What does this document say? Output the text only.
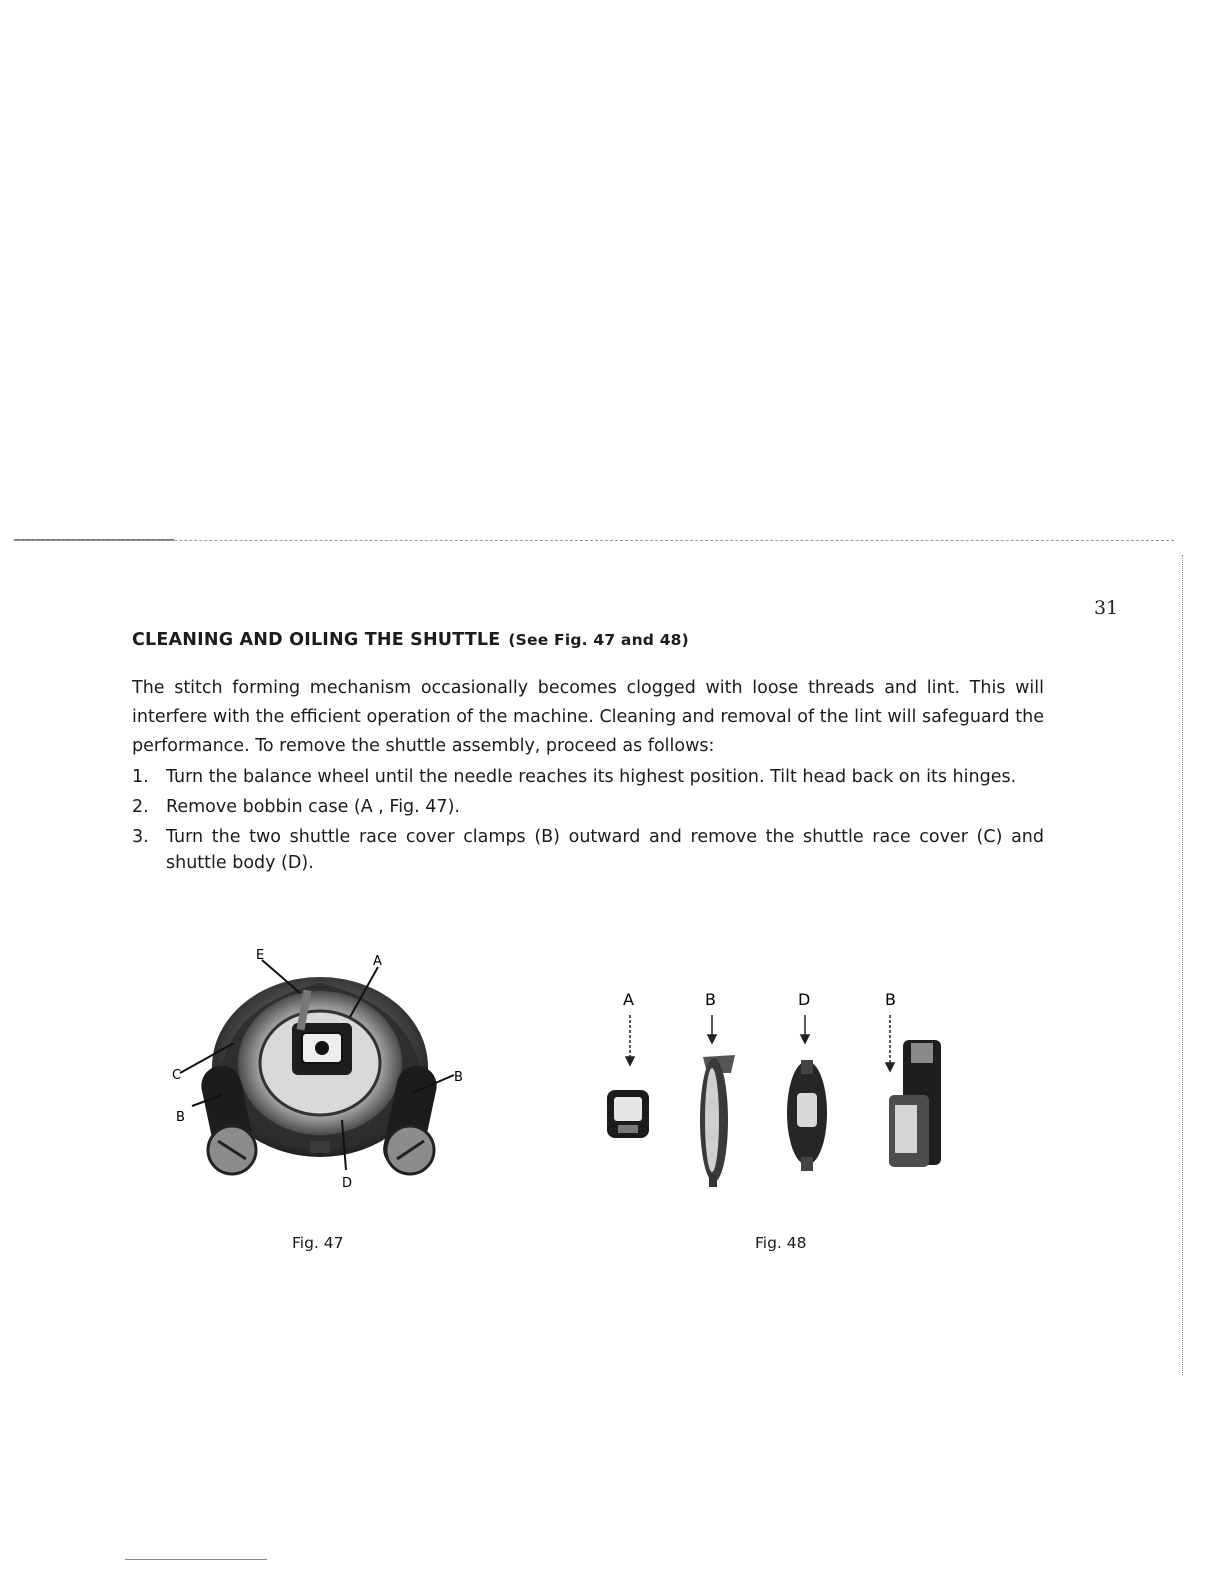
31
CLEANING AND OILING THE SHUTTLE (See Fig. 47 and 48)

The stitch forming mechanism occasionally becomes clogged with loose threads and lint. This will interfere with the efficient operation of the machine. Cleaning and removal of the lint will safeguard the performance. To remove the shuttle assembly, proceed as follows:

1. Turn the balance wheel until the needle reaches its highest position. Tilt head back on its hinges.
2. Remove bobbin case (A , Fig. 47).
3. Turn the two shuttle race cover clamps (B) outward and remove the shuttle race cover (C) and shuttle body (D).
E	A
C
B
B
D
A	B	D	B
Fig. 47	Fig. 48
